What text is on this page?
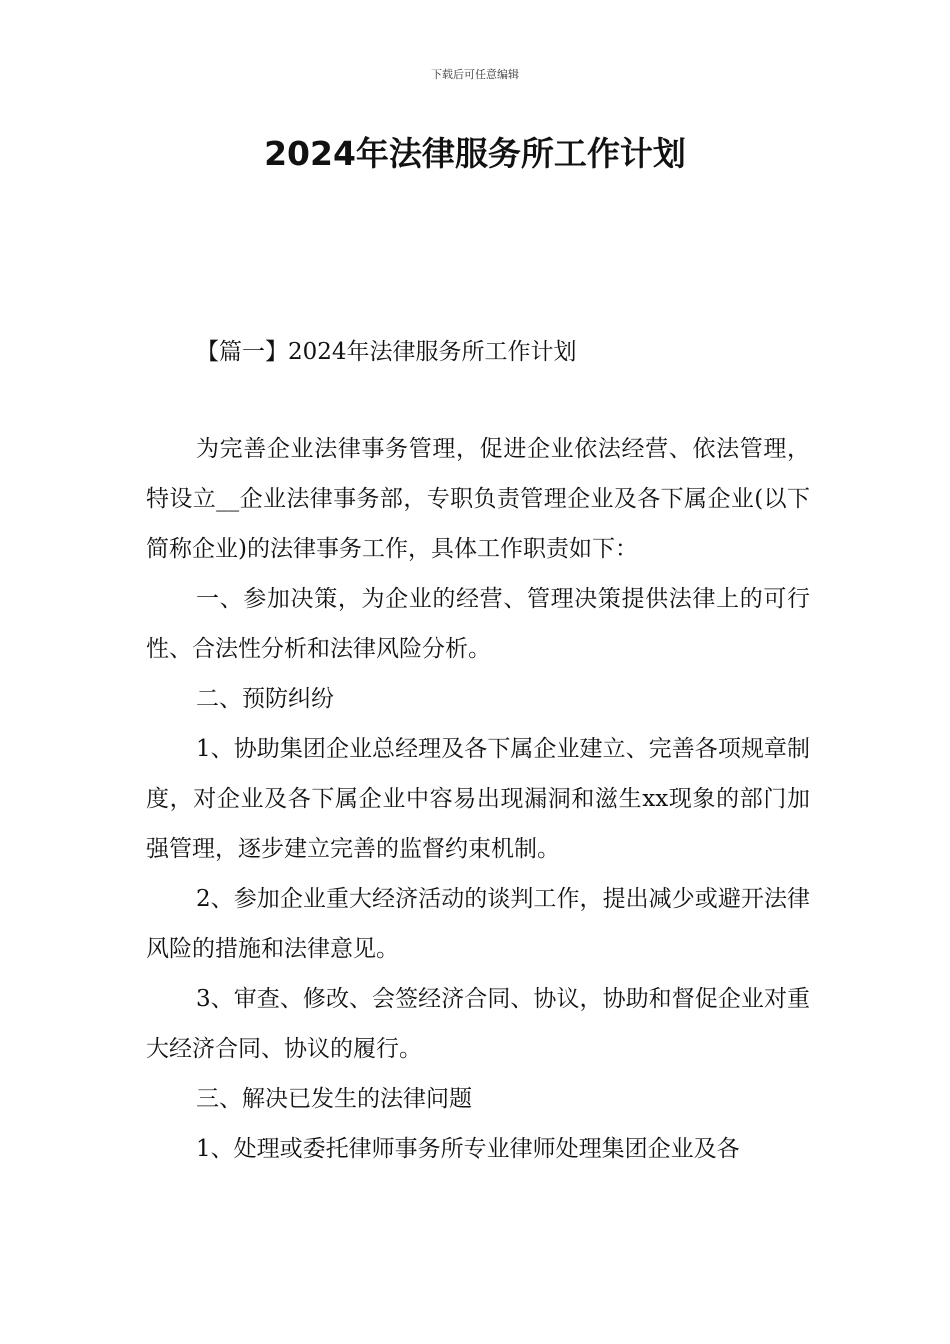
下载后可任意编辑
2024年法律服务所工作计划
【篇一】2024年法律服务所工作计划

为完善企业法律事务管理，促进企业依法经营、依法管理，特设立__企业法律事务部，专职负责管理企业及各下属企业(以下简称企业)的法律事务工作，具体工作职责如下：

一、参加决策，为企业的经营、管理决策提供法律上的可行性、合法性分析和法律风险分析。

二、预防纠纷

1、协助集团企业总经理及各下属企业建立、完善各项规章制度，对企业及各下属企业中容易出现漏洞和滋生xx现象的部门加强管理，逐步建立完善的监督约束机制。

2、参加企业重大经济活动的谈判工作，提出减少或避开法律风险的措施和法律意见。

3、审查、修改、会签经济合同、协议，协助和督促企业对重大经济合同、协议的履行。

三、解决已发生的法律问题

1、处理或委托律师事务所专业律师处理集团企业及各
